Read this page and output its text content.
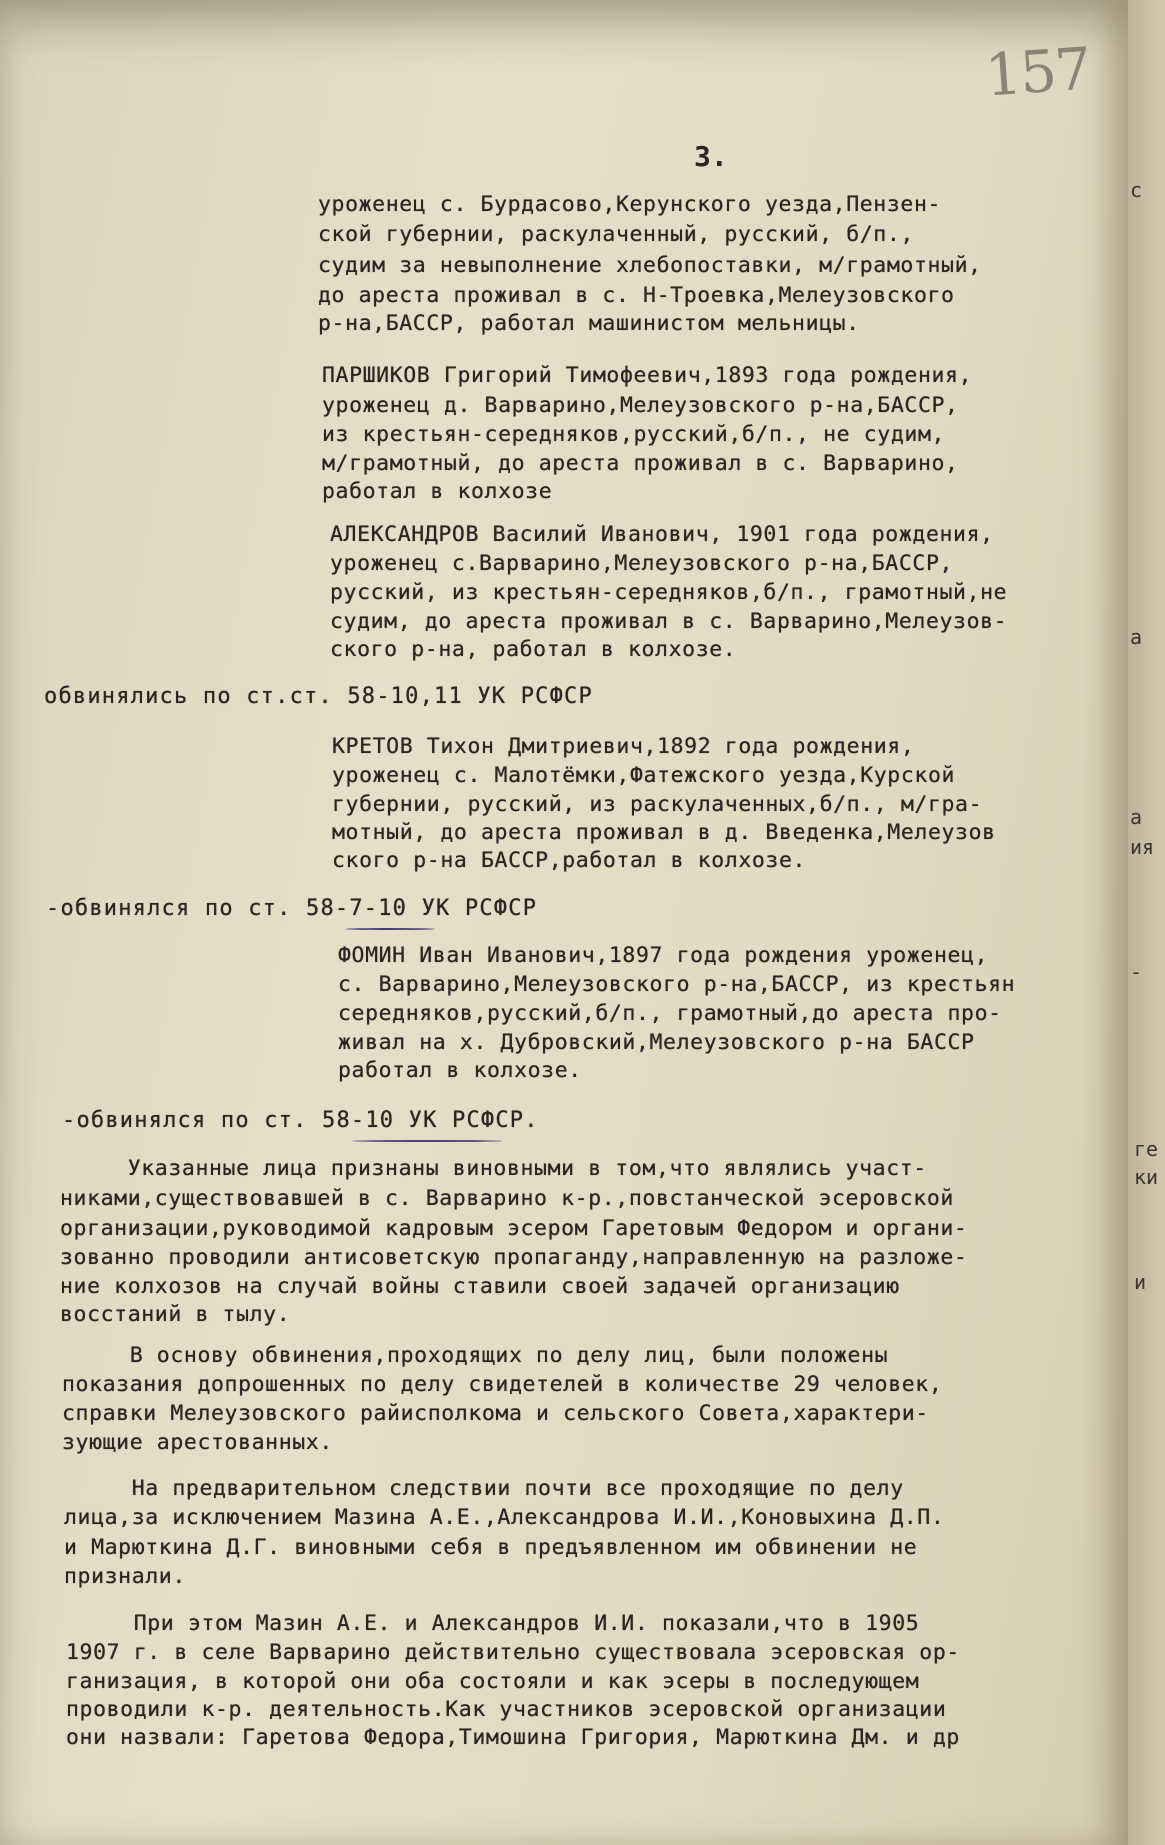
157
3.
уроженец с. Бурдасово,Керунского уезда,Пензен-
ской губернии, раскулаченный, русский, б/п.,
судим за невыполнение хлебопоставки, м/грамотный,
до ареста проживал в с. Н-Троевка,Мелеузовского
р-на,БАССР, работал машинистом мельницы.
ПАРШИКОВ Григорий Тимофеевич,1893 года рождения,
уроженец д. Варварино,Мелеузовского р-на,БАССР,
из крестьян-середняков,русский,б/п., не судим,
м/грамотный, до ареста проживал в с. Варварино,
работал в колхозе
АЛЕКСАНДРОВ Василий Иванович, 1901 года рождения,
уроженец с.Варварино,Мелеузовского р-на,БАССР,
русский, из крестьян-середняков,б/п., грамотный,не
судим, до ареста проживал в с. Варварино,Мелеузов-
ского р-на, работал в колхозе.
обвинялись по ст.ст. 58-10,11 УК РСФСР
КРЕТОВ Тихон Дмитриевич,1892 года рождения,
уроженец с. Малотёмки,Фатежского уезда,Курской
губернии, русский, из раскулаченных,б/п., м/гра-
мотный, до ареста проживал в д. Введенка,Мелеузов
ского р-на БАССР,работал в колхозе.
-обвинялся по ст. 58-7-10 УК РСФСР
ФОМИН Иван Иванович,1897 года рождения уроженец,
с. Варварино,Мелеузовского р-на,БАССР, из крестьян
середняков,русский,б/п., грамотный,до ареста про-
живал на х. Дубровский,Мелеузовского р-на БАССР
работал в колхозе.
-обвинялся по ст. 58-10 УК РСФСР.
Указанные лица признаны виновными в том,что являлись участ-
никами,существовавшей в с. Варварино к-р.,повстанческой эсеровской
организации,руководимой кадровым эсером Гаретовым Федором и органи-
зованно проводили антисоветскую пропаганду,направленную на разложе-
ние колхозов на случай войны ставили своей задачей организацию
восстаний в тылу.
В основу обвинения,проходящих по делу лиц, были положены
показания допрошенных по делу свидетелей в количестве 29 человек,
справки Мелеузовского райисполкома и сельского Совета,характери-
зующие арестованных.
На предварительном следствии почти все проходящие по делу
лица,за исключением Мазина А.Е.,Александрова И.И.,Коновыхина Д.П.
и Марюткина Д.Г. виновными себя в предъявленном им обвинении не
признали.
При этом Мазин А.Е. и Александров И.И. показали,что в 1905
1907 г. в селе Варварино действительно существовала эсеровская ор-
ганизация, в которой они оба состояли и как эсеры в последующем
проводили к-р. деятельность.Как участников эсеровской организации
они назвали: Гаретова Федора,Тимошина Григория, Марюткина Дм. и др
с
а
а
ия
-
ге
ки
и
